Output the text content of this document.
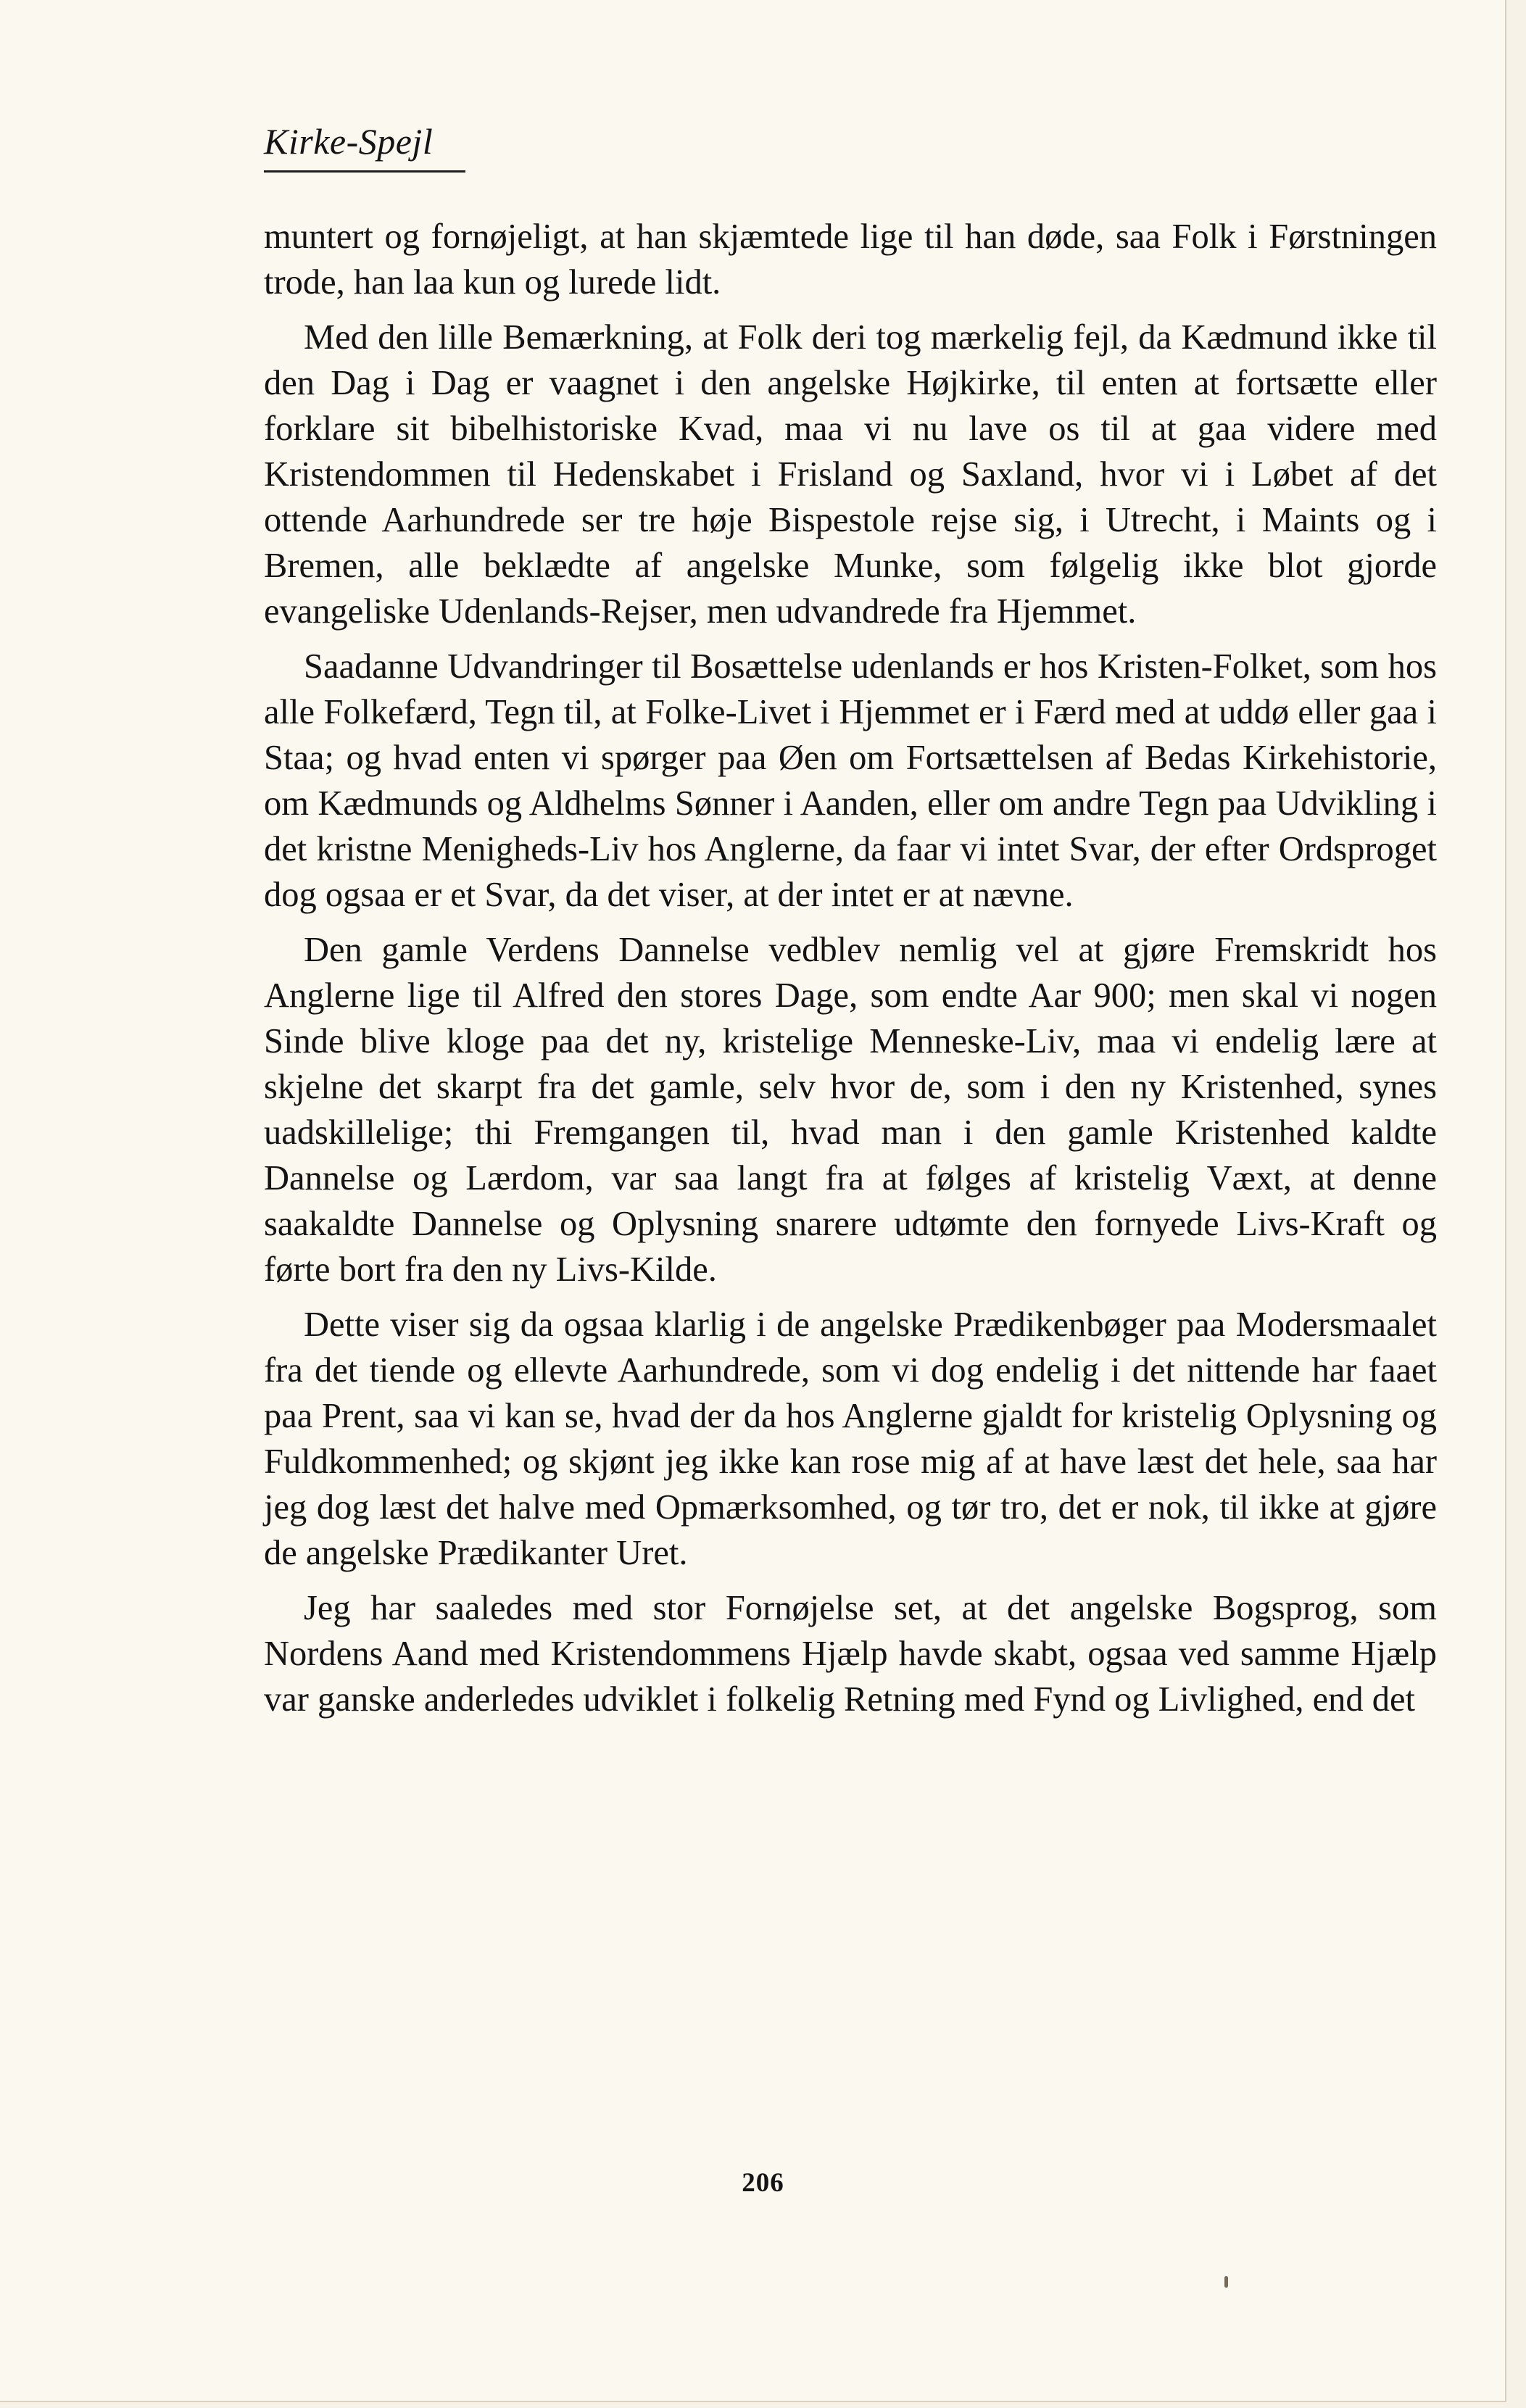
Kirke-Spejl

muntert og fornøjeligt, at han skjæmtede lige til han døde, saa Folk i Førstningen trode, han laa kun og lurede lidt.

Med den lille Bemærkning, at Folk deri tog mærkelig fejl, da Kædmund ikke til den Dag i Dag er vaagnet i den angelske Højkirke, til enten at fortsætte eller forklare sit bibelhistoriske Kvad, maa vi nu lave os til at gaa videre med Kristendommen til Hedenskabet i Frisland og Saxland, hvor vi i Løbet af det ottende Aarhundrede ser tre høje Bispestole rejse sig, i Utrecht, i Maints og i Bremen, alle beklædte af angelske Munke, som følgelig ikke blot gjorde evangeliske Udenlands-Rejser, men udvandrede fra Hjemmet.

Saadanne Udvandringer til Bosættelse udenlands er hos Kristen-Folket, som hos alle Folkefærd, Tegn til, at Folke-Livet i Hjemmet er i Færd med at uddø eller gaa i Staa; og hvad enten vi spørger paa Øen om Fortsættelsen af Bedas Kirkehistorie, om Kædmunds og Aldhelms Sønner i Aanden, eller om andre Tegn paa Udvikling i det kristne Menigheds-Liv hos Anglerne, da faar vi intet Svar, der efter Ordsproget dog ogsaa er et Svar, da det viser, at der intet er at nævne.

Den gamle Verdens Dannelse vedblev nemlig vel at gjøre Fremskridt hos Anglerne lige til Alfred den stores Dage, som endte Aar 900; men skal vi nogen Sinde blive kloge paa det ny, kristelige Menneske-Liv, maa vi endelig lære at skjelne det skarpt fra det gamle, selv hvor de, som i den ny Kristenhed, synes uadskillelige; thi Fremgangen til, hvad man i den gamle Kristenhed kaldte Dannelse og Lærdom, var saa langt fra at følges af kristelig Væxt, at denne saakaldte Dannelse og Oplysning snarere udtømte den fornyede Livs-Kraft og førte bort fra den ny Livs-Kilde.

Dette viser sig da ogsaa klarlig i de angelske Prædikenbøger paa Modersmaalet fra det tiende og ellevte Aarhundrede, som vi dog endelig i det nittende har faaet paa Prent, saa vi kan se, hvad der da hos Anglerne gjaldt for kristelig Oplysning og Fuldkommenhed; og skjønt jeg ikke kan rose mig af at have læst det hele, saa har jeg dog læst det halve med Opmærksomhed, og tør tro, det er nok, til ikke at gjøre de angelske Prædikanter Uret.

Jeg har saaledes med stor Fornøjelse set, at det angelske Bogsprog, som Nordens Aand med Kristendommens Hjælp havde skabt, ogsaa ved samme Hjælp var ganske anderledes udviklet i folkelig Retning med Fynd og Livlighed, end det

206
